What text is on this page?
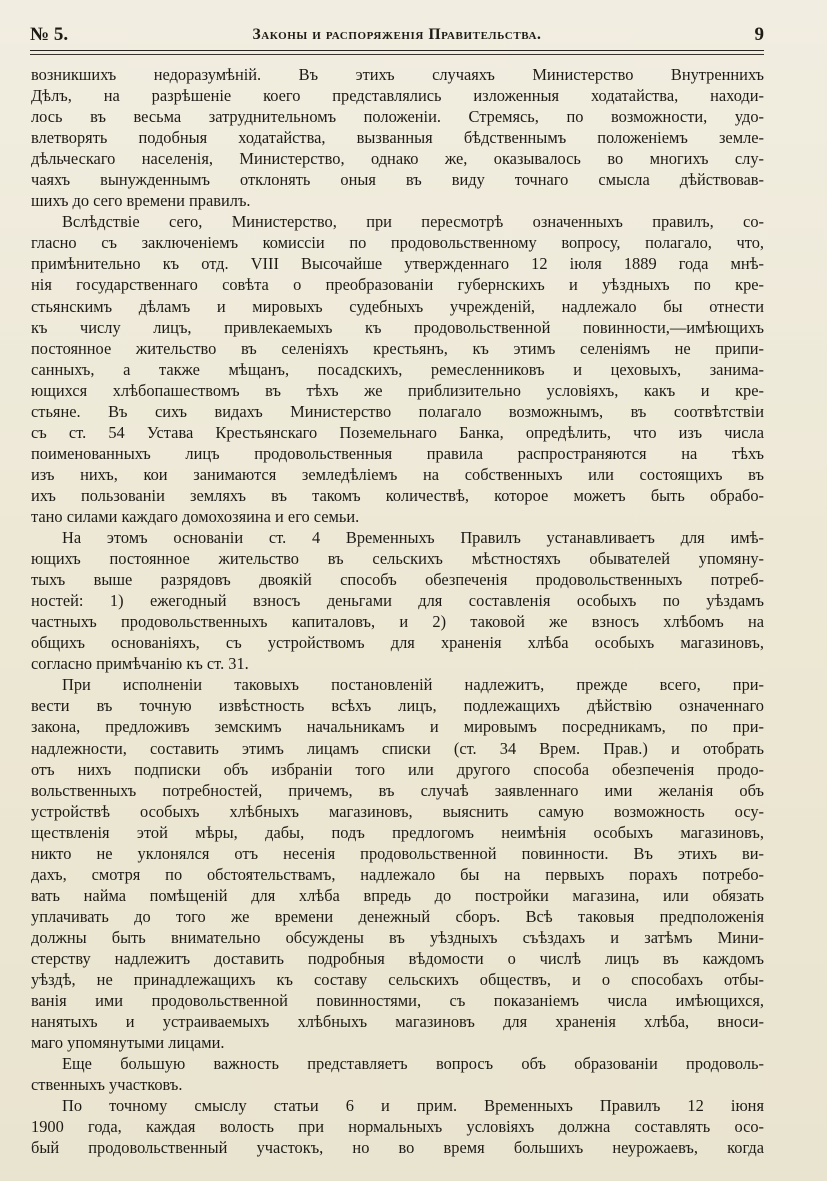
№ 5.	Законы и распоряженія Правительства.	9
возникшихъ недоразумѣній. Въ этихъ случаяхъ Министерство Внутреннихъ
Дѣлъ, на разрѣшеніе коего представлялись изложенныя ходатайства, находи-
лось въ весьма затруднительномъ положеніи. Стремясь, по возможности, удо-
влетворять подобныя ходатайства, вызванныя бѣдственнымъ положеніемъ земле-
дѣльческаго населенія, Министерство, однако же, оказывалось во многихъ слу-
чаяхъ вынужденнымъ отклонять оныя въ виду точнаго смысла дѣйствовав-
шихъ до сего времени правилъ.
Вслѣдствіе сего, Министерство, при пересмотрѣ означенныхъ правилъ, со-
гласно съ заключеніемъ комиссіи по продовольственному вопросу, полагало, что,
примѣнительно къ отд. VIII Высочайше утвержденнаго 12 іюля 1889 года мнѣ-
нія государственнаго совѣта о преобразованіи губернскихъ и уѣздныхъ по кре-
стьянскимъ дѣламъ и мировыхъ судебныхъ учрежденій, надлежало бы отнести
къ числу лицъ, привлекаемыхъ къ продовольственной повинности,—имѣющихъ
постоянное жительство въ селеніяхъ крестьянъ, къ этимъ селеніямъ не припи-
санныхъ, а также мѣщанъ, посадскихъ, ремесленниковъ и цеховыхъ, занима-
ющихся хлѣбопашествомъ въ тѣхъ же приблизительно условіяхъ, какъ и кре-
стьяне. Въ сихъ видахъ Министерство полагало возможнымъ, въ соотвѣтствіи
съ ст. 54 Устава Крестьянскаго Поземельнаго Банка, опредѣлить, что изъ числа
поименованныхъ лицъ продовольственныя правила распространяются на тѣхъ
изъ нихъ, кои занимаются земледѣліемъ на собственныхъ или состоящихъ въ
ихъ пользованіи земляхъ въ такомъ количествѣ, которое можетъ быть обрабо-
тано силами каждаго домохозяина и его семьи.
На этомъ основаніи ст. 4 Временныхъ Правилъ устанавливаетъ для имѣ-
ющихъ постоянное жительство въ сельскихъ мѣстностяхъ обывателей упомяну-
тыхъ выше разрядовъ двоякій способъ обезпеченія продовольственныхъ потреб-
ностей: 1) ежегодный взносъ деньгами для составленія особыхъ по уѣздамъ
частныхъ продовольственныхъ капиталовъ, и 2) таковой же взносъ хлѣбомъ на
общихъ основаніяхъ, съ устройствомъ для храненія хлѣба особыхъ магазиновъ,
согласно примѣчанію къ ст. 31.
При исполненіи таковыхъ постановленій надлежитъ, прежде всего, при-
вести въ точную извѣстность всѣхъ лицъ, подлежащихъ дѣйствію означеннаго
закона, предложивъ земскимъ начальникамъ и мировымъ посредникамъ, по при-
надлежности, составить этимъ лицамъ списки (ст. 34 Врем. Прав.) и отобрать
отъ нихъ подписки объ избраніи того или другого способа обезпеченія продо-
вольственныхъ потребностей, причемъ, въ случаѣ заявленнаго ими желанія объ
устройствѣ особыхъ хлѣбныхъ магазиновъ, выяснить самую возможность осу-
ществленія этой мѣры, дабы, подъ предлогомъ неимѣнія особыхъ магазиновъ,
никто не уклонялся отъ несенія продовольственной повинности. Въ этихъ ви-
дахъ, смотря по обстоятельствамъ, надлежало бы на первыхъ порахъ потребо-
вать найма помѣщеній для хлѣба впредь до постройки магазина, или обязать
уплачивать до того же времени денежный сборъ. Всѣ таковыя предположенія
должны быть внимательно обсуждены въ уѣздныхъ съѣздахъ и затѣмъ Мини-
стерству надлежитъ доставить подробныя вѣдомости о числѣ лицъ въ каждомъ
уѣздѣ, не принадлежащихъ къ составу сельскихъ обществъ, и о способахъ отбы-
ванія ими продовольственной повинностями, съ показаніемъ числа имѣющихся,
нанятыхъ и устраиваемыхъ хлѣбныхъ магазиновъ для храненія хлѣба, вноси-
маго упомянутыми лицами.
Еще большую важность представляетъ вопросъ объ образованіи продоволь-
ственныхъ участковъ.
По точному смыслу статьи 6 и прим. Временныхъ Правилъ 12 іюня
1900 года, каждая волость при нормальныхъ условіяхъ должна составлять осо-
бый продовольственный участокъ, но во время большихъ неурожаевъ, когда
